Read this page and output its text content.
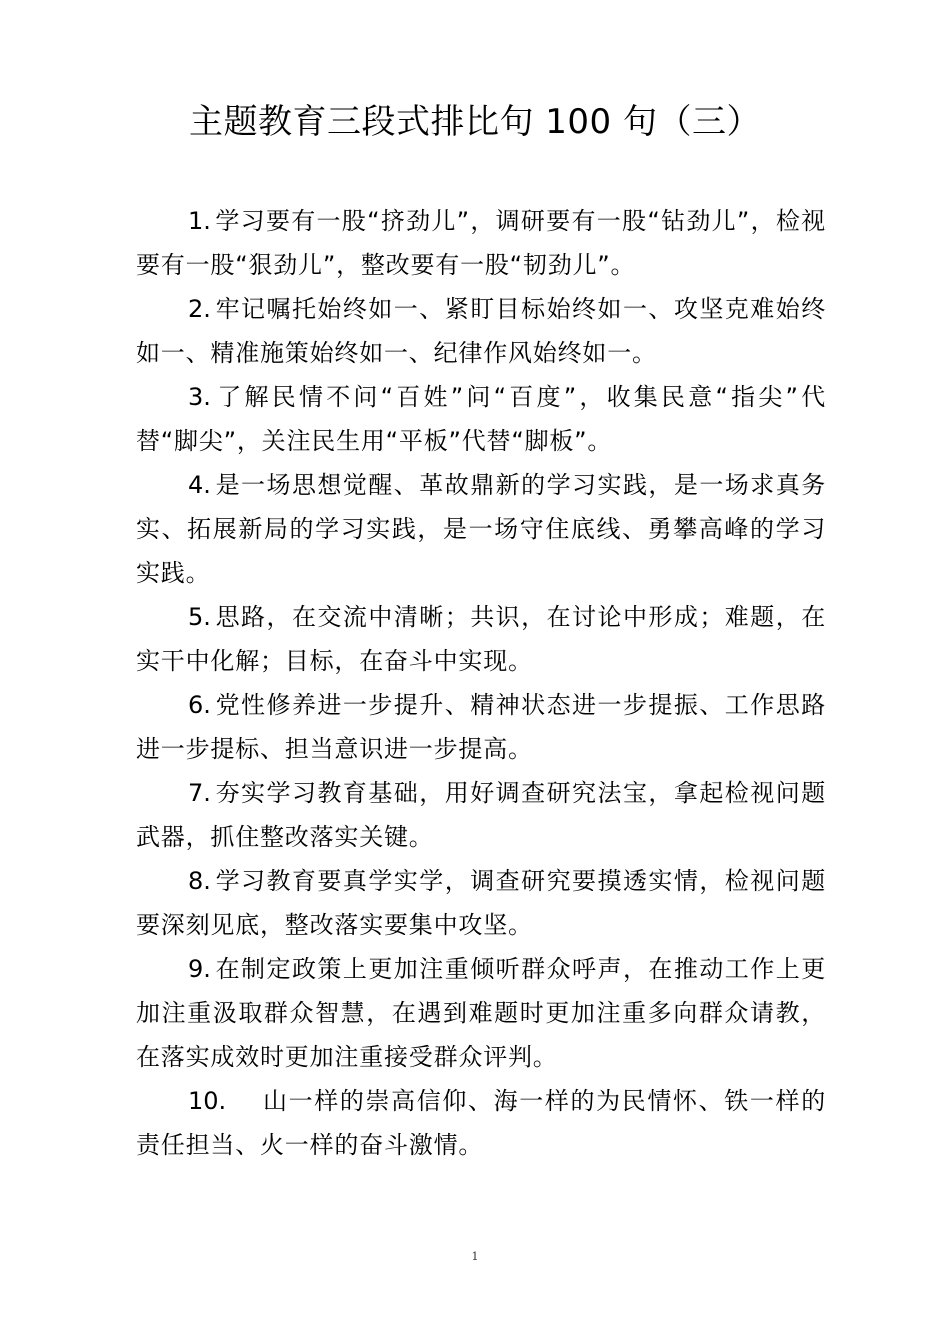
主题教育三段式排比句 100 句（三）

1. 学习要有一股“挤劲儿”，调研要有一股“钻劲儿”，检视要有一股“狠劲儿”，整改要有一股“韧劲儿”。

2. 牢记嘱托始终如一、紧盯目标始终如一、攻坚克难始终如一、精准施策始终如一、纪律作风始终如一。

3. 了解民情不问“百姓”问“百度”，收集民意“指尖”代替“脚尖”，关注民生用“平板”代替“脚板”。

4. 是一场思想觉醒、革故鼎新的学习实践，是一场求真务实、拓展新局的学习实践，是一场守住底线、勇攀高峰的学习实践。

5. 思路，在交流中清晰；共识，在讨论中形成；难题，在实干中化解；目标，在奋斗中实现。

6. 党性修养进一步提升、精神状态进一步提振、工作思路进一步提标、担当意识进一步提高。

7. 夯实学习教育基础，用好调查研究法宝，拿起检视问题武器，抓住整改落实关键。

8. 学习教育要真学实学，调查研究要摸透实情，检视问题要深刻见底，整改落实要集中攻坚。

9. 在制定政策上更加注重倾听群众呼声，在推动工作上更加注重汲取群众智慧，在遇到难题时更加注重多向群众请教，在落实成效时更加注重接受群众评判。

10. 山一样的崇高信仰、海一样的为民情怀、铁一样的责任担当、火一样的奋斗激情。

1
